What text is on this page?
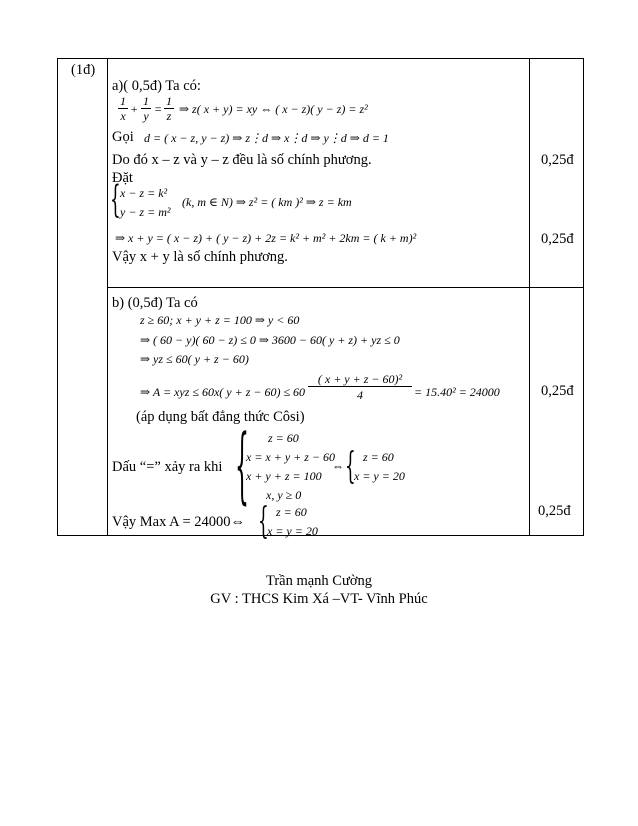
(1đ)
a)( 0,5đ) Ta có:
1
x +
1
y =
1
z ⇒ z( x + y) = xy ⇔ ( x − z)( y − z) = z²
Gọi d = ( x − z, y − z) ⇒ z⋮d ⇒ x⋮d ⇒ y⋮d ⇒ d = 1
Do đó x – z và y – z đều là số chính phương.
Đặt
{ x − z = k²
y − z = m²
(k, m ∈ N) ⇒ z² = ( km )² ⇒ z = km
⇒ x + y = ( x − z) + ( y − z) + 2z = k² + m² + 2km = ( k + m)²
Vậy x + y là số chính phương.
b) (0,5đ) Ta có
z ≥ 60; x + y + z = 100 ⇒ y < 60
⇒ ( 60 − y)( 60 − z) ≤ 0 ⇒ 3600 − 60( y + z) + yz ≤ 0
⇒ yz ≤ 60( y + z − 60)
⇒ A = xyz ≤ 60x( y + z − 60) ≤ 60
( x + y + z − 60)²
4	= 15.40² = 24000
(áp dụng bất đẳng thức Côsi)
Dấu “=” xảy ra khi { z = 60
x = x + y + z − 60
x + y + z = 100
x, y ≥ 0
⇔ { z = 60
x = y = 20
Vậy Max A = 24000⇔ { z = 60
x = y = 20
0,25đ
0,25đ
0,25đ
0,25đ
Trần mạnh Cường
GV : THCS Kim Xá –VT- Vĩnh Phúc
